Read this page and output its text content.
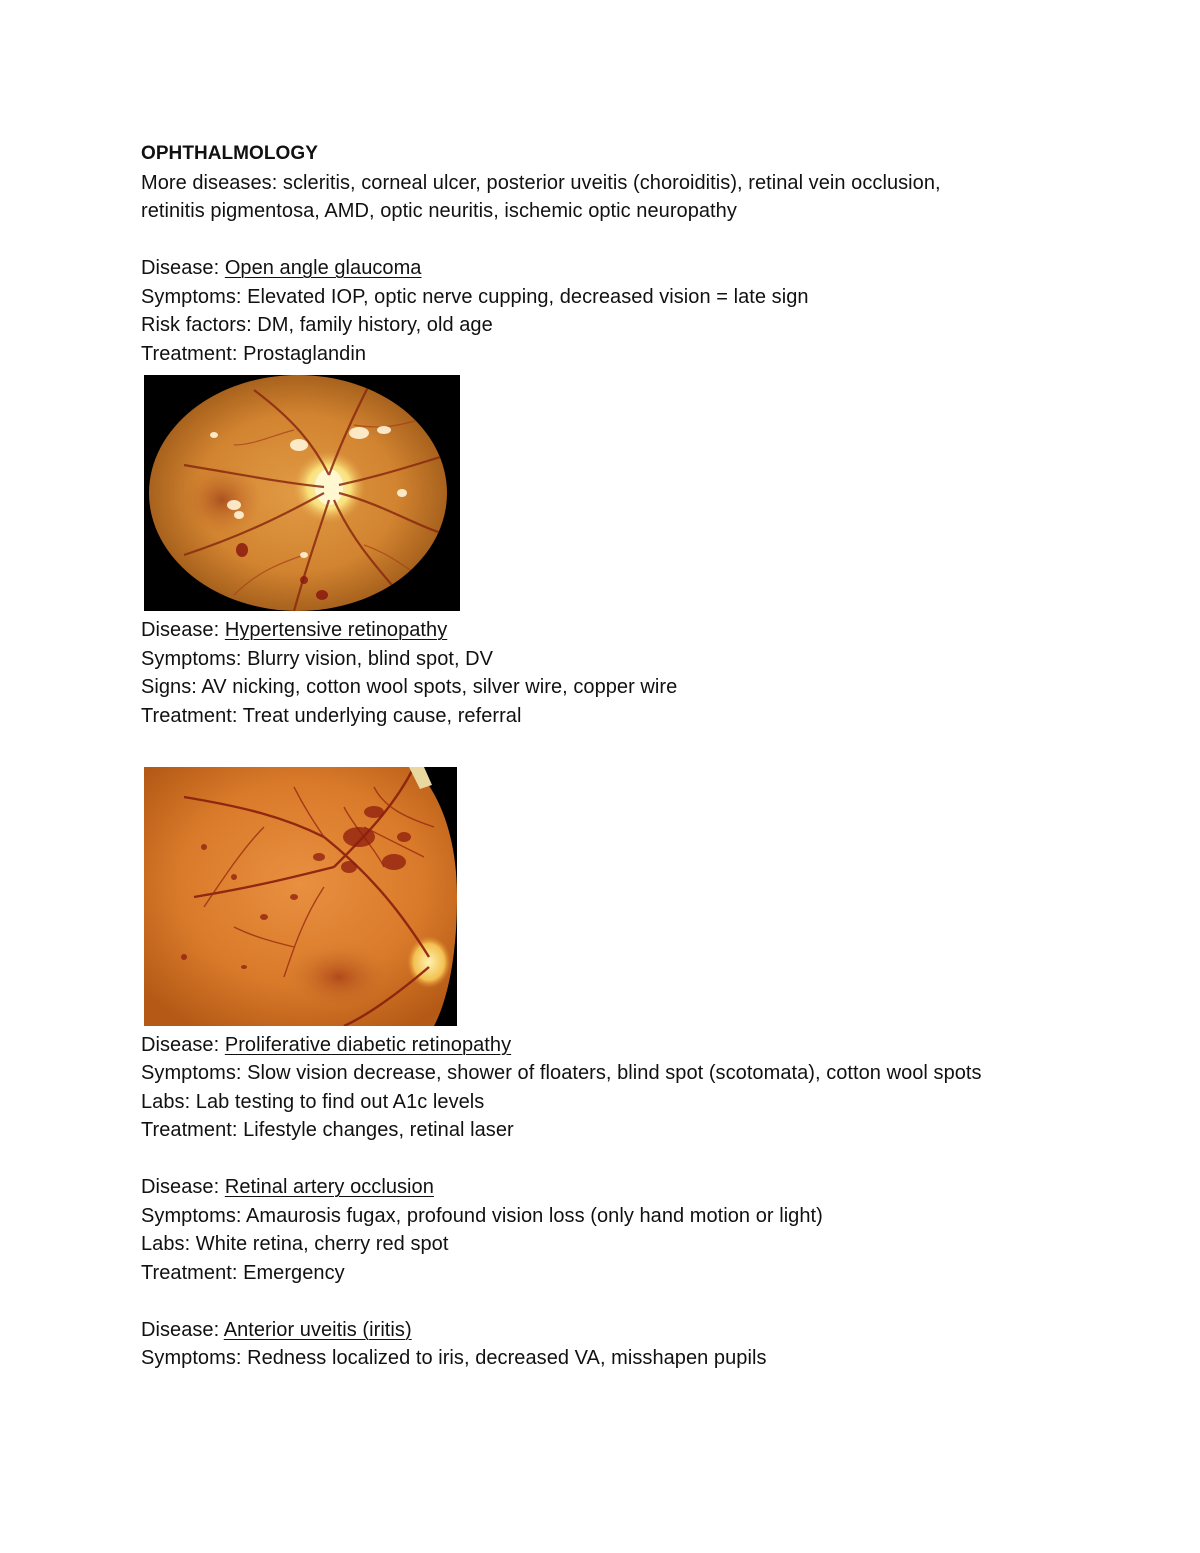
OPHTHALMOLOGY
More diseases: scleritis, corneal ulcer, posterior uveitis (choroiditis), retinal vein occlusion,
retinitis pigmentosa, AMD, optic neuritis, ischemic optic neuropathy
Disease: Open angle glaucoma
Symptoms: Elevated IOP, optic nerve cupping, decreased vision = late sign
Risk factors: DM, family history, old age
Treatment: Prostaglandin
Disease: Hypertensive retinopathy
Symptoms: Blurry vision, blind spot, DV
Signs: AV nicking, cotton wool spots, silver wire, copper wire
Treatment: Treat underlying cause, referral
Disease: Proliferative diabetic retinopathy
Symptoms: Slow vision decrease, shower of floaters, blind spot (scotomata), cotton wool spots
Labs: Lab testing to find out A1c levels
Treatment: Lifestyle changes, retinal laser
Disease: Retinal artery occlusion
Symptoms: Amaurosis fugax, profound vision loss (only hand motion or light)
Labs: White retina, cherry red spot
Treatment: Emergency
Disease: Anterior uveitis (iritis)
Symptoms: Redness localized to iris, decreased VA, misshapen pupils
